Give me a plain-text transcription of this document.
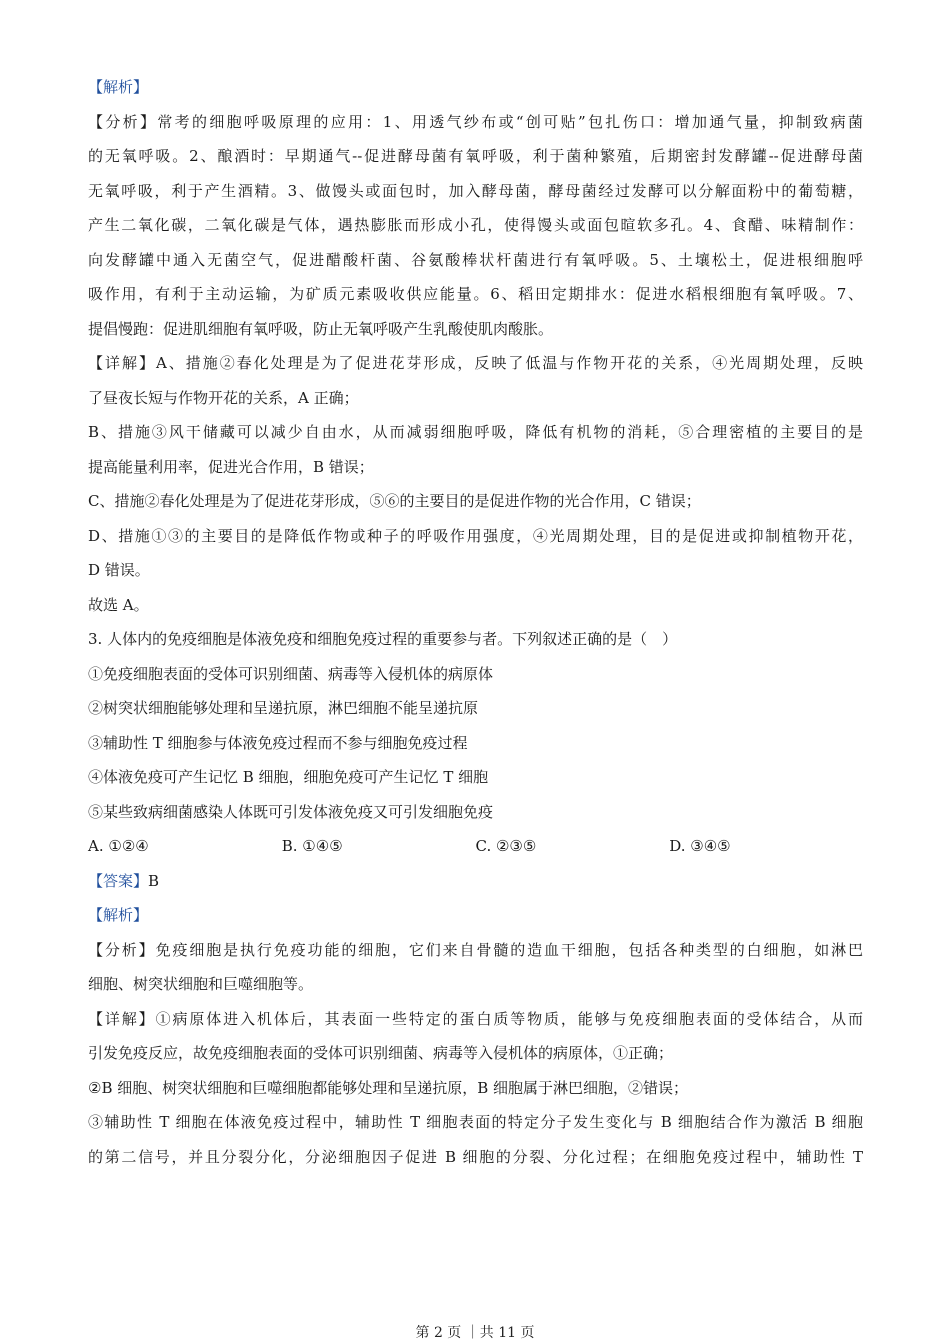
【解析】
【分析】常考的细胞呼吸原理的应用：1、用透气纱布或“创可贴”包扎伤口：增加通气量，抑制致病菌
的无氧呼吸。2、酿酒时：早期通气--促进酵母菌有氧呼吸，利于菌种繁殖，后期密封发酵罐--促进酵母菌
无氧呼吸，利于产生酒精。3、做馒头或面包时，加入酵母菌，酵母菌经过发酵可以分解面粉中的葡萄糖，
产生二氧化碳，二氧化碳是气体，遇热膨胀而形成小孔，使得馒头或面包暄软多孔。4、食醋、味精制作：
向发酵罐中通入无菌空气，促进醋酸杆菌、谷氨酸棒状杆菌进行有氧呼吸。5、土壤松土，促进根细胞呼
吸作用，有利于主动运输，为矿质元素吸收供应能量。6、稻田定期排水：促进水稻根细胞有氧呼吸。7、
提倡慢跑：促进肌细胞有氧呼吸，防止无氧呼吸产生乳酸使肌肉酸胀。
【详解】A、措施②春化处理是为了促进花芽形成，反映了低温与作物开花的关系，④光周期处理，反映
了昼夜长短与作物开花的关系，A 正确；
B、措施③风干储藏可以减少自由水，从而减弱细胞呼吸，降低有机物的消耗，⑤合理密植的主要目的是
提高能量利用率，促进光合作用，B 错误；
C、措施②春化处理是为了促进花芽形成，⑤⑥的主要目的是促进作物的光合作用，C 错误；
D、措施①③的主要目的是降低作物或种子的呼吸作用强度，④光周期处理，目的是促进或抑制植物开花，
D 错误。
故选 A。
3. 人体内的免疫细胞是体液免疫和细胞免疫过程的重要参与者。下列叙述正确的是（　）
①免疫细胞表面的受体可识别细菌、病毒等入侵机体的病原体
②树突状细胞能够处理和呈递抗原，淋巴细胞不能呈递抗原
③辅助性 T 细胞参与体液免疫过程而不参与细胞免疫过程
④体液免疫可产生记忆 B 细胞，细胞免疫可产生记忆 T 细胞
⑤某些致病细菌感染人体既可引发体液免疫又可引发细胞免疫
A. ①②④	B. ①④⑤	C. ②③⑤	D. ③④⑤
【答案】B
【解析】
【分析】免疫细胞是执行免疫功能的细胞，它们来自骨髓的造血干细胞，包括各种类型的白细胞，如淋巴
细胞、树突状细胞和巨噬细胞等。
【详解】①病原体进入机体后，其表面一些特定的蛋白质等物质，能够与免疫细胞表面的受体结合，从而
引发免疫反应，故免疫细胞表面的受体可识别细菌、病毒等入侵机体的病原体，①正确；
②B 细胞、树突状细胞和巨噬细胞都能够处理和呈递抗原，B 细胞属于淋巴细胞，②错误；
③辅助性 T 细胞在体液免疫过程中，辅助性 T 细胞表面的特定分子发生变化与 B 细胞结合作为激活 B 细胞
的第二信号，并且分裂分化，分泌细胞因子促进 B 细胞的分裂、分化过程；在细胞免疫过程中，辅助性 T
第 2 页 ｜共 11 页
